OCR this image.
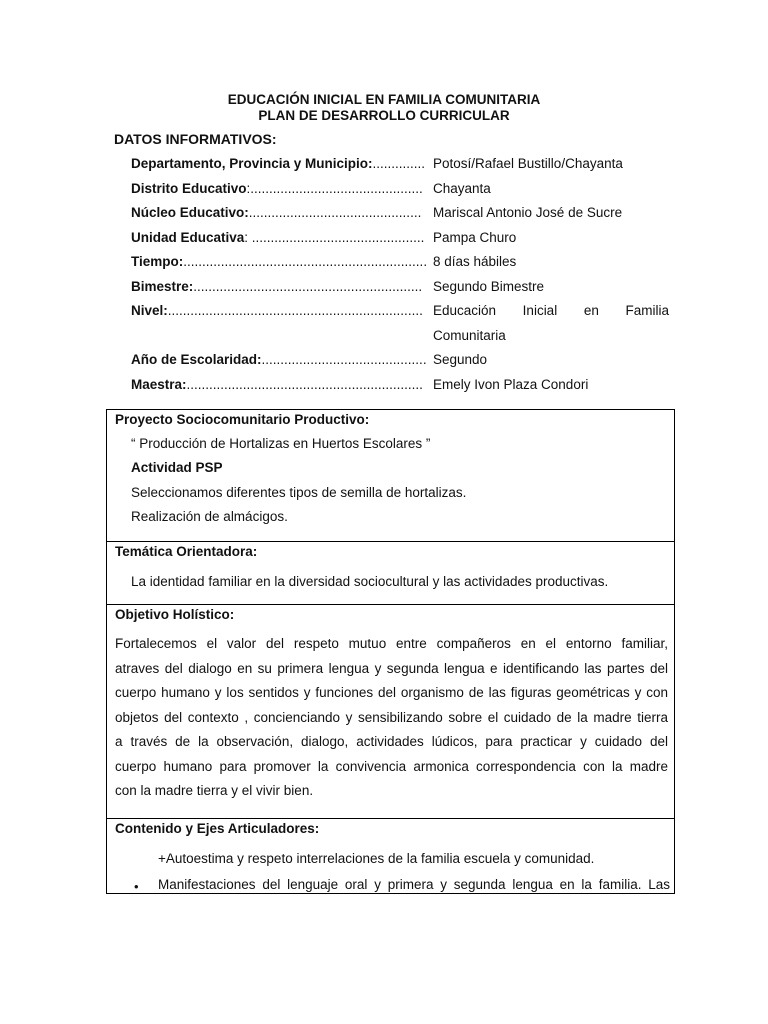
EDUCACIÓN INICIAL EN FAMILIA COMUNITARIA
PLAN DE DESARROLLO CURRICULAR
DATOS INFORMATIVOS:
Departamento, Provincia y Municipio:.............. Potosí/Rafael Bustillo/Chayanta
Distrito Educativo:.............................................. Chayanta
Núcleo Educativo:.............................................. Mariscal Antonio José de Sucre
Unidad Educativa: .............................................. Pampa Churo
Tiempo:................................................................. 8 días hábiles
Bimestre:............................................................. Segundo Bimestre
Nivel:.................................................................... Educación Inicial en Familia Comunitaria
Año de Escolaridad:............................................ Segundo
Maestra:............................................................... Emely Ivon Plaza Condori
Proyecto Sociocomunitario Productivo:
“ Producción de Hortalizas en Huertos Escolares ”
Actividad PSP
Seleccionamos diferentes tipos de semilla de hortalizas.
Realización de almácigos.
Temática Orientadora:
La identidad familiar en la diversidad sociocultural y las actividades productivas.
Objetivo Holístico:
Fortalecemos el valor del respeto mutuo entre compañeros en el entorno familiar,
atraves del dialogo en su primera lengua y segunda lengua e identificando las partes del
cuerpo humano y los sentidos y funciones del organismo de las figuras geométricas y con
objetos del contexto , concienciando y sensibilizando sobre el cuidado de la madre tierra
a través de la observación, dialogo, actividades lúdicos, para practicar y cuidado del
cuerpo humano para promover la convivencia armonica correspondencia con la madre
con la madre tierra y el vivir bien.
Contenido y Ejes Articuladores:
+Autoestima y respeto interrelaciones de la familia escuela y comunidad.
• Manifestaciones del lenguaje oral y primera y segunda lengua en la familia. Las
